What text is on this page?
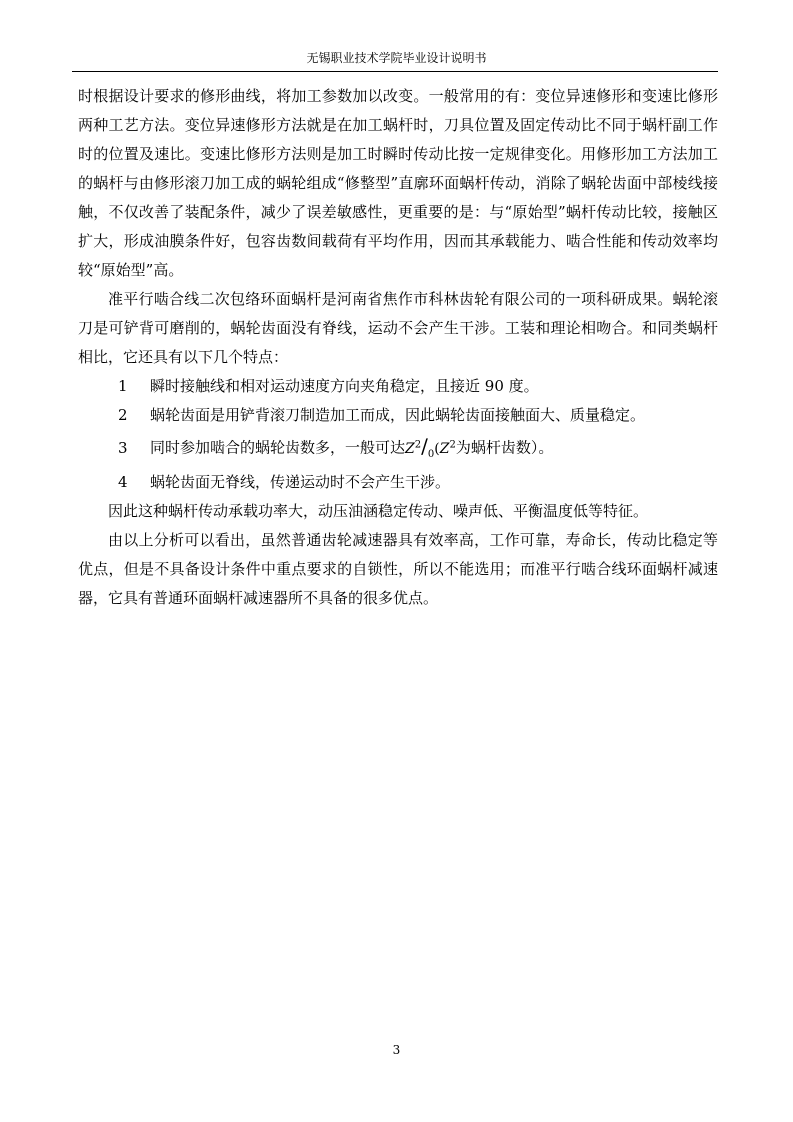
无锡职业技术学院毕业设计说明书

时根据设计要求的修形曲线，将加工参数加以改变。一般常用的有：变位异速修形和变速比修形两种工艺方法。变位异速修形方法就是在加工蜗杆时，刀具位置及固定传动比不同于蜗杆副工作时的位置及速比。变速比修形方法则是加工时瞬时传动比按一定规律变化。用修形加工方法加工的蜗杆与由修形滚刀加工成的蜗轮组成“修整型”直廓环面蜗杆传动，消除了蜗轮齿面中部棱线接触，不仅改善了装配条件，减少了误差敏感性，更重要的是：与“原始型”蜗杆传动比较，接触区扩大，形成油膜条件好，包容齿数间载荷有平均作用，因而其承载能力、啮合性能和传动效率均较“原始型”高。

准平行啮合线二次包络环面蜗杆是河南省焦作市科林齿轮有限公司的一项科研成果。蜗轮滚刀是可铲背可磨削的，蜗轮齿面没有脊线，运动不会产生干涉。工装和理论相吻合。和同类蜗杆相比，它还具有以下几个特点：

1 瞬时接触线和相对运动速度方向夹角稳定，且接近 90 度。

2 蜗轮齿面是用铲背滚刀制造加工而成，因此蜗轮齿面接触面大、质量稳定。

3 同时参加啮合的蜗轮齿数多，一般可达$Z^2∕_0(Z^2$为蜗杆齿数）。

4 蜗轮齿面无脊线，传递运动时不会产生干涉。

因此这种蜗杆传动承载功率大，动压油涵稳定传动、噪声低、平衡温度低等特征。

由以上分析可以看出，虽然普通齿轮减速器具有效率高，工作可靠，寿命长，传动比稳定等优点，但是不具备设计条件中重点要求的自锁性，所以不能选用；而准平行啮合线环面蜗杆减速器，它具有普通环面蜗杆减速器所不具备的很多优点。

3
